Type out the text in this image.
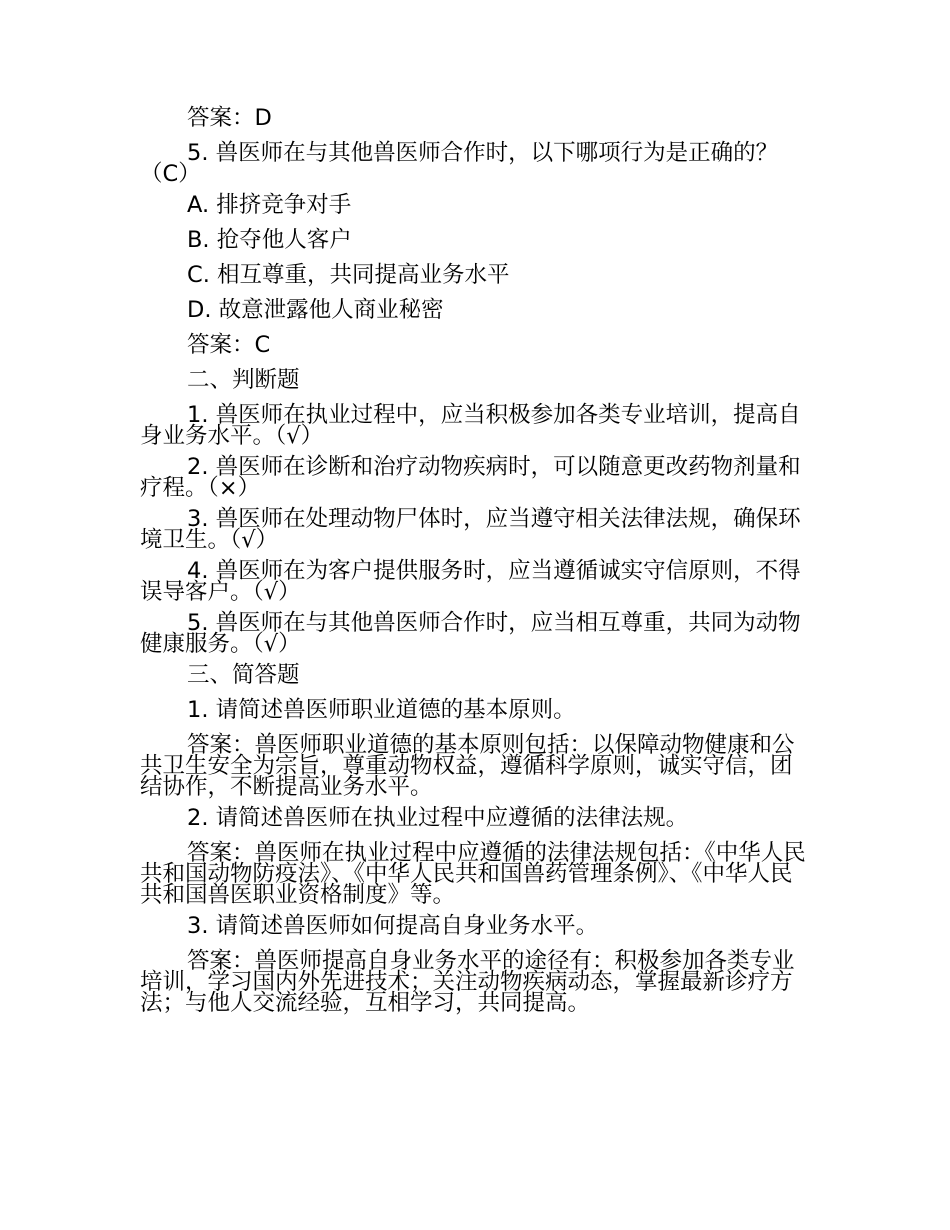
答案：D

5. 兽医师在与其他兽医师合作时，以下哪项行为是正确的？（C）

A. 排挤竞争对手

B. 抢夺他人客户

C. 相互尊重，共同提高业务水平

D. 故意泄露他人商业秘密

答案：C

二、判断题

1. 兽医师在执业过程中，应当积极参加各类专业培训，提高自身业务水平。（√）

2. 兽医师在诊断和治疗动物疾病时，可以随意更改药物剂量和疗程。（×）

3. 兽医师在处理动物尸体时，应当遵守相关法律法规，确保环境卫生。（√）

4. 兽医师在为客户提供服务时，应当遵循诚实守信原则，不得误导客户。（√）

5. 兽医师在与其他兽医师合作时，应当相互尊重，共同为动物健康服务。（√）

三、简答题

1. 请简述兽医师职业道德的基本原则。

答案：兽医师职业道德的基本原则包括：以保障动物健康和公共卫生安全为宗旨，尊重动物权益，遵循科学原则，诚实守信，团结协作，不断提高业务水平。

2. 请简述兽医师在执业过程中应遵循的法律法规。

答案：兽医师在执业过程中应遵循的法律法规包括：《中华人民共和国动物防疫法》、《中华人民共和国兽药管理条例》、《中华人民共和国兽医职业资格制度》等。

3. 请简述兽医师如何提高自身业务水平。

答案：兽医师提高自身业务水平的途径有：积极参加各类专业培训，学习国内外先进技术；关注动物疾病动态，掌握最新诊疗方法；与他人交流经验，互相学习，共同提高。
